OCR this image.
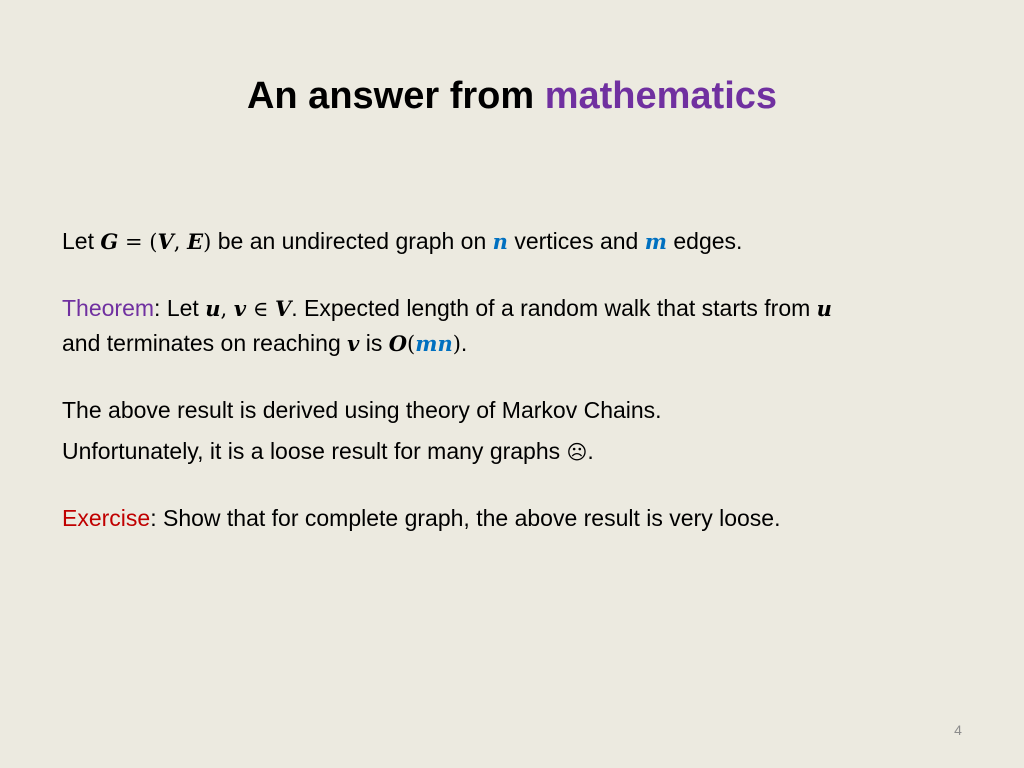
An answer from mathematics

Let G = (V, E) be an undirected graph on n vertices and m edges.

Theorem: Let u, v ∈ V. Expected length of a random walk that starts from u
and terminates on reaching v is O(mn).

The above result is derived using theory of Markov Chains.

Unfortunately, it is a loose result for many graphs ☹.

Exercise: Show that for complete graph, the above result is very loose.

4
